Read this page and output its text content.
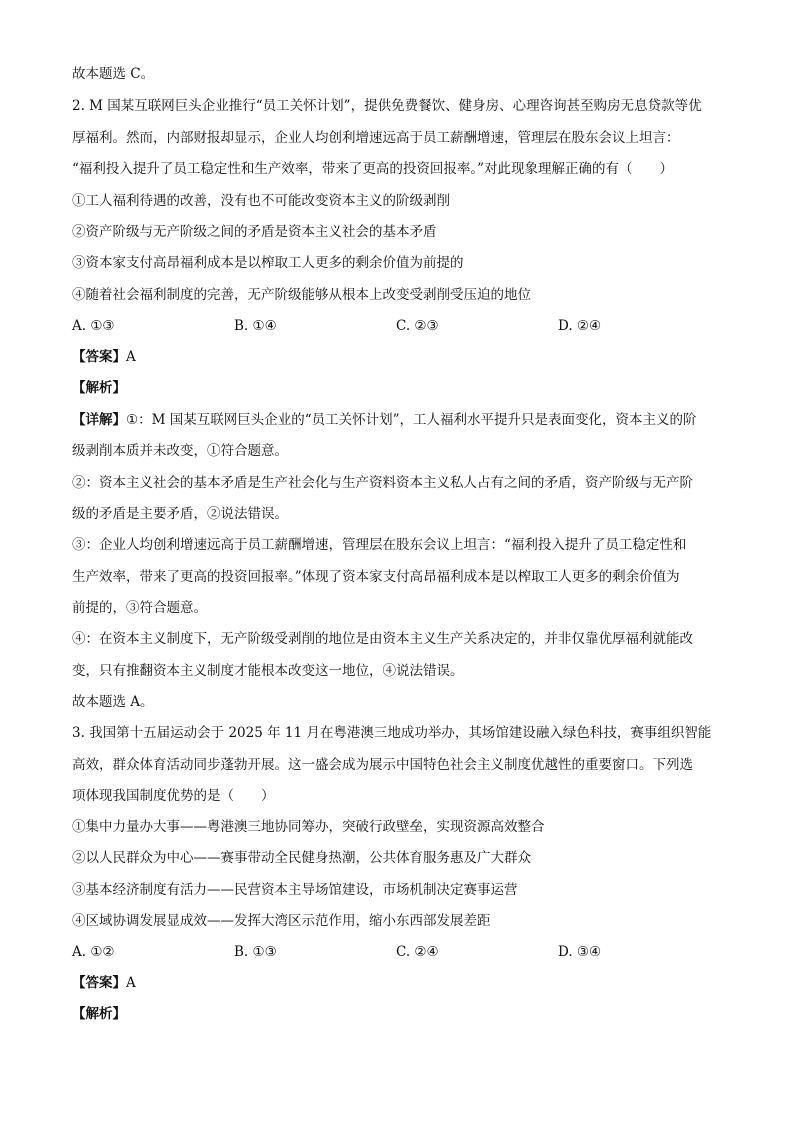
故本题选 C。
2. M 国某互联网巨头企业推行“员工关怀计划”，提供免费餐饮、健身房、心理咨询甚至购房无息贷款等优
厚福利。然而，内部财报却显示，企业人均创利增速远高于员工薪酬增速，管理层在股东会议上坦言：
“福利投入提升了员工稳定性和生产效率，带来了更高的投资回报率。”对此现象理解正确的有（　　）
①工人福利待遇的改善，没有也不可能改变资本主义的阶级剥削
②资产阶级与无产阶级之间的矛盾是资本主义社会的基本矛盾
③资本家支付高昂福利成本是以榨取工人更多的剩余价值为前提的
④随着社会福利制度的完善，无产阶级能够从根本上改变受剥削受压迫的地位
A. ①③	B. ①④	C. ②③	D. ②④
【答案】A
【解析】
【详解】①：M 国某互联网巨头企业的“员工关怀计划”，工人福利水平提升只是表面变化，资本主义的阶
级剥削本质并未改变，①符合题意。
②：资本主义社会的基本矛盾是生产社会化与生产资料资本主义私人占有之间的矛盾，资产阶级与无产阶
级的矛盾是主要矛盾，②说法错误。
③：企业人均创利增速远高于员工薪酬增速，管理层在股东会议上坦言：“福利投入提升了员工稳定性和
生产效率，带来了更高的投资回报率。”体现了资本家支付高昂福利成本是以榨取工人更多的剩余价值为
前提的，③符合题意。
④：在资本主义制度下，无产阶级受剥削的地位是由资本主义生产关系决定的，并非仅靠优厚福利就能改
变，只有推翻资本主义制度才能根本改变这一地位，④说法错误。
故本题选 A。
3. 我国第十五届运动会于 2025 年 11 月在粤港澳三地成功举办，其场馆建设融入绿色科技，赛事组织智能
高效，群众体育活动同步蓬勃开展。这一盛会成为展示中国特色社会主义制度优越性的重要窗口。下列选
项体现我国制度优势的是（　　）
①集中力量办大事——粤港澳三地协同筹办，突破行政壁垒，实现资源高效整合
②以人民群众为中心——赛事带动全民健身热潮，公共体育服务惠及广大群众
③基本经济制度有活力——民营资本主导场馆建设，市场机制决定赛事运营
④区域协调发展显成效——发挥大湾区示范作用，缩小东西部发展差距
A. ①②	B. ①③	C. ②④	D. ③④
【答案】A
【解析】
